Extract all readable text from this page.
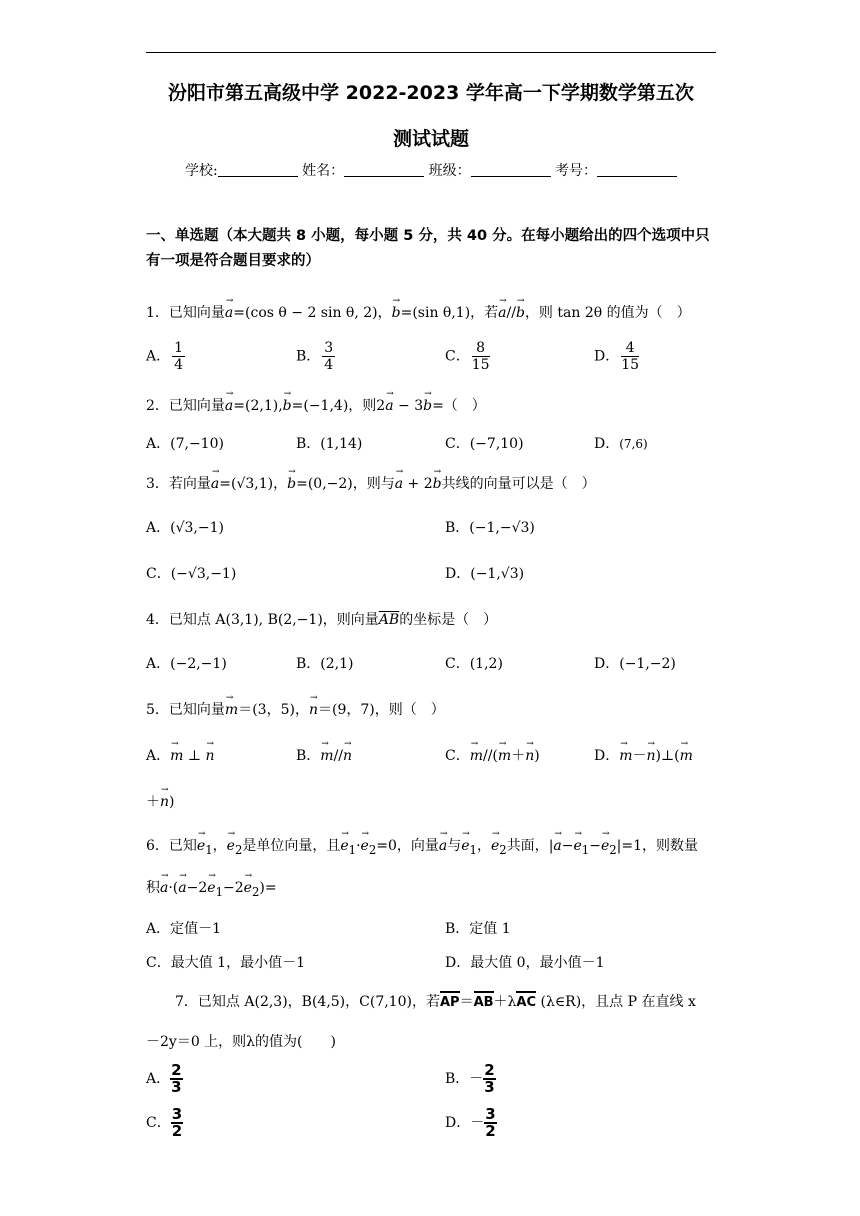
汾阳市第五高级中学 2022-2023 学年高一下学期数学第五次
测试试题
学校:	姓名：	班级：	考号：
一、单选题（本大题共 8 小题，每小题 5 分，共 40 分。在每小题给出的四个选项中只
有一项是符合题目要求的）
1．已知向量→ a=(cos θ − 2 sin θ, 2)，→ b=(sin θ,1)，若→ a//→ b，则 tan 2θ 的值为（　）
A． $\frac{1}{4}$	B． $\frac{3}{4}$	C． $\frac{8}{15}$	D． $\frac{4}{15}$
2．已知向量→ a=(2,1),→ b=(−1,4)，则2→ a − 3→ b=（　）
A．(7,−10)	B．(1,14)	C．(−7,10)	D．(7,6)
3．若向量→ a=(√3,1)，→ b=(0,−2)，则与→ a + 2→ b共线的向量可以是（　）
A．(√3,−1)	B．(−1,−√3)
C．(−√3,−1)	D．(−1,√3)
4．已知点 A(3,1), B(2,−1)，则向量$\overline{AB}$的坐标是（　）
A．(−2,−1)	B．(2,1)	C．(1,2)	D．(−1,−2)
5．已知向量→ m＝(3，5)，→ n＝(9，7)，则（　）
A．→ m ⊥ → n	B．→ m//→ n	C．→ m//(→ m＋→ n)	D．→ m－→ n)⊥(→ m
＋→ n)
6．已知→ $e_1$，→ $e_2$是单位向量，且→ $e_1\cdot\to e_2=0$，向量→ a与→ $e_1$，→ $e_2$共面，|→ $a-\to e_1-\to e_2|=1$，则数量
积→ $a\cdot(\to a-2\to e_1-2\to e_2)=$
A．定值－1	B．定值 1
C．最大值 1，最小值－1	D．最大值 0，最小值－1
7．已知点 A(2,3)，B(4,5)，C(7,10)，若AP＝AB＋λAC (λ∈R)，且点 P 在直线 x
－2y＝0 上，则λ的值为(　　)
A． $\frac{2}{3}$	B．－ $\frac{2}{3}$
C． $\frac{3}{2}$	D．－ $\frac{3}{2}$
